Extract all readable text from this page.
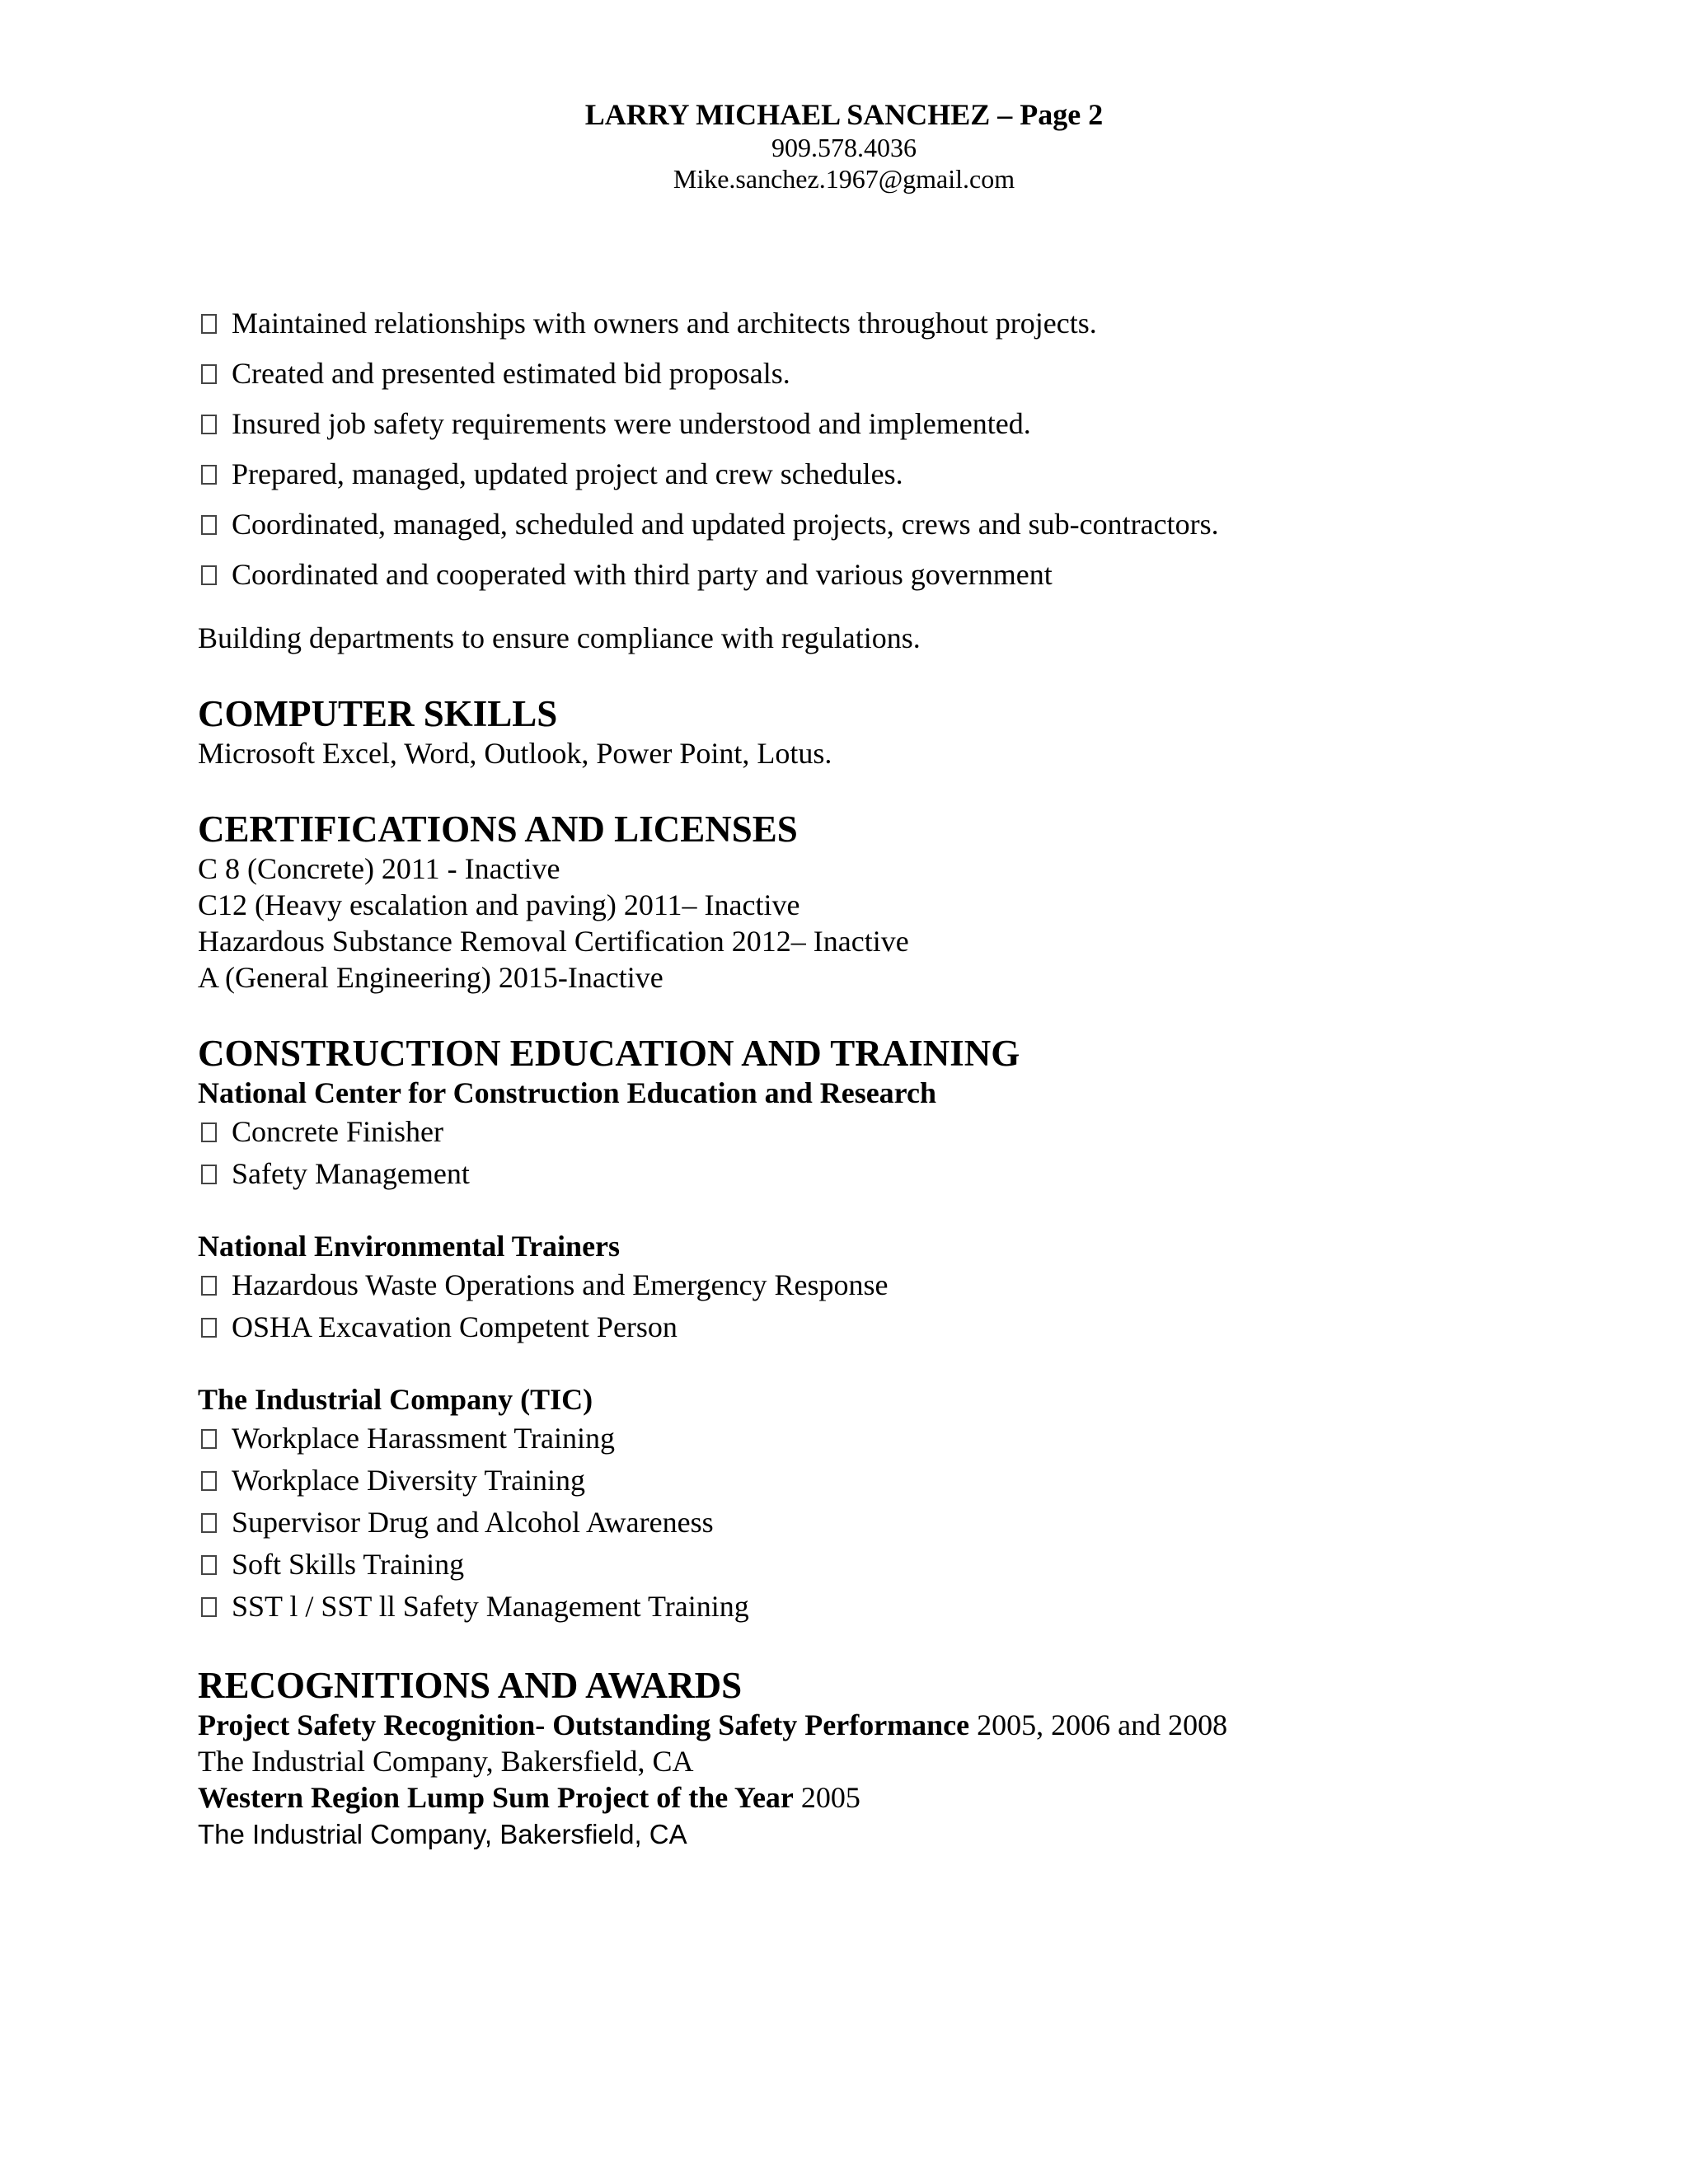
LARRY MICHAEL SANCHEZ – Page 2
909.578.4036
Mike.sanchez.1967@gmail.com
Maintained relationships with owners and architects throughout projects.
Created and presented estimated bid proposals.
Insured job safety requirements were understood and implemented.
Prepared, managed, updated project and crew schedules.
Coordinated, managed, scheduled and updated projects, crews and sub-contractors.
Coordinated and cooperated with third party and various government
Building departments to ensure compliance with regulations.
COMPUTER SKILLS
Microsoft Excel, Word, Outlook, Power Point, Lotus.
CERTIFICATIONS AND LICENSES
C 8 (Concrete) 2011 - Inactive
C12 (Heavy escalation and paving) 2011– Inactive
Hazardous Substance Removal Certification 2012– Inactive
A (General Engineering) 2015-Inactive
CONSTRUCTION EDUCATION AND TRAINING
National Center for Construction Education and Research
Concrete Finisher
Safety Management
National Environmental Trainers
Hazardous Waste Operations and Emergency Response
OSHA Excavation Competent Person
The Industrial Company (TIC)
Workplace Harassment Training
Workplace Diversity Training
Supervisor Drug and Alcohol Awareness
Soft Skills Training
SST l / SST ll Safety Management Training
RECOGNITIONS AND AWARDS
Project Safety Recognition- Outstanding Safety Performance 2005, 2006 and 2008
The Industrial Company, Bakersfield, CA
Western Region Lump Sum Project of the Year 2005
The Industrial Company, Bakersfield, CA
